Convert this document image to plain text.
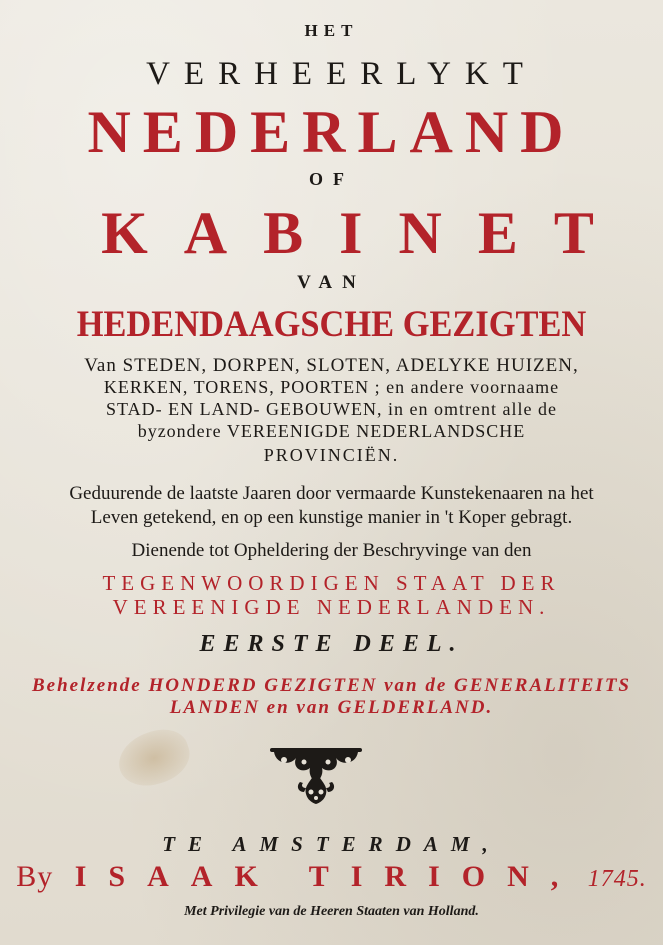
HET
VERHEERLYKT
NEDERLAND
OF
KABINET
VAN
HEDENDAAGSCHE GEZIGTEN
Van STEDEN, DORPEN, SLOTEN, ADELYKE HUIZEN,
KERKEN, TORENS, POORTEN ; en andere voornaame
STAD- EN LAND- GEBOUWEN, in en omtrent alle de
byzondere VEREENIGDE NEDERLANDSCHE
PROVINCIËN.
Geduurende de laatste Jaaren door vermaarde Kunstekenaaren na het
Leven getekend, en op een kunstige manier in 't Koper gebragt.
Dienende tot Opheldering der Beschryvinge van den
TEGENWOORDIGEN STAAT DER
VEREENIGDE NEDERLANDEN.
EERSTE DEEL.
Behelzende HONDERD GEZIGTEN van de GENERALITEITS
LANDEN en van GELDERLAND.
TE AMSTERDAM,
By ISAAK TIRION, 1745.
Met Privilegie van de Heeren Staaten van Holland.
